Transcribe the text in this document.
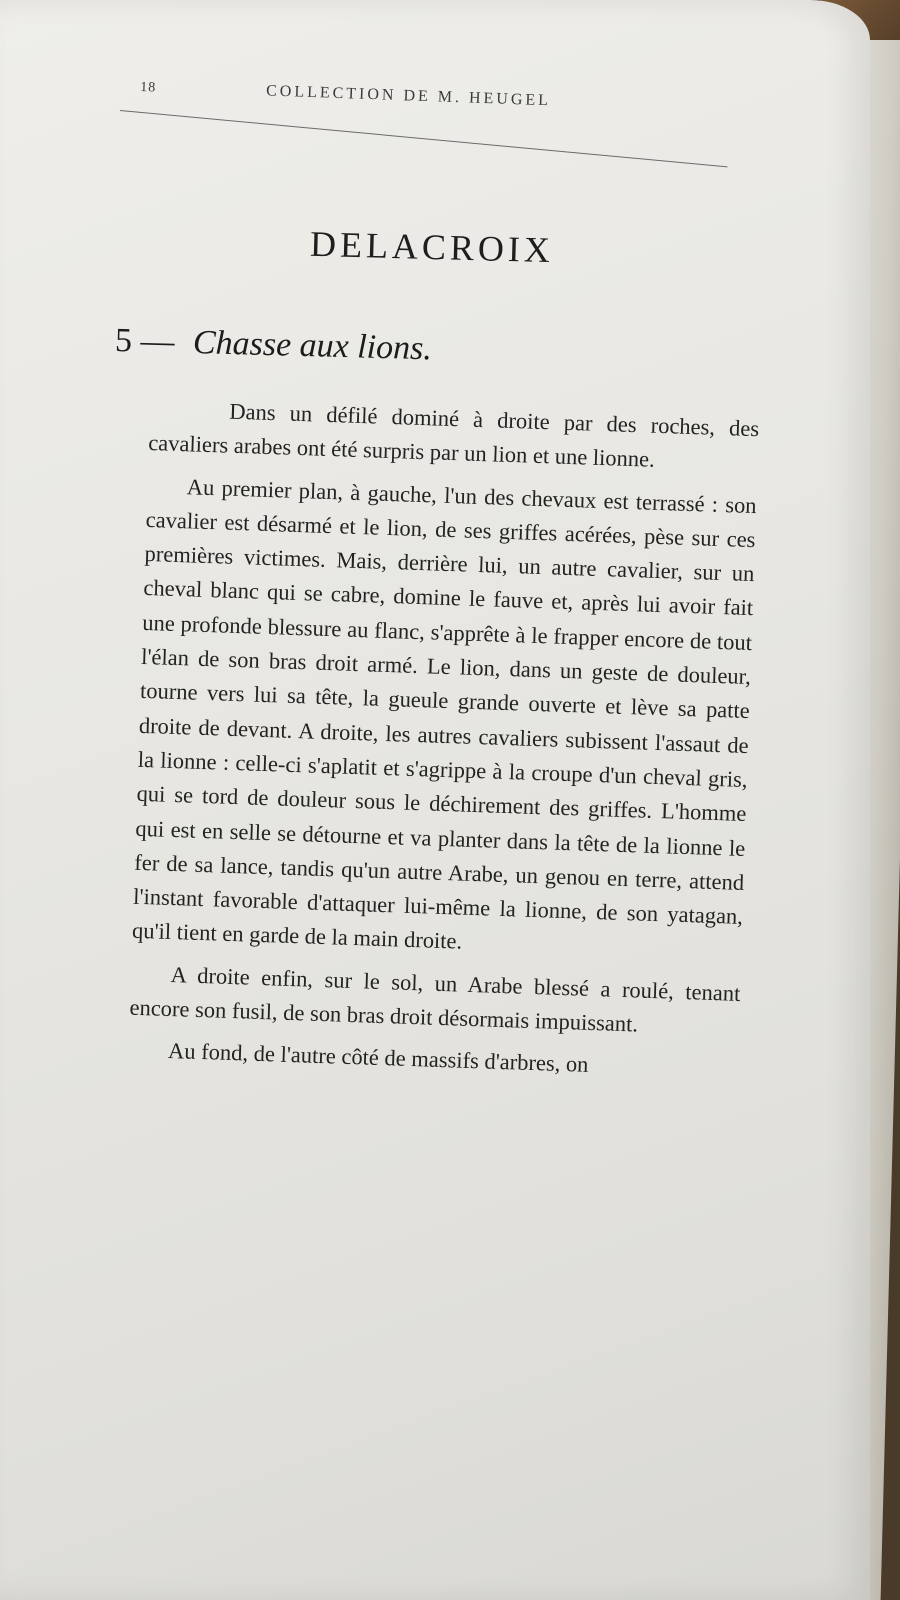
18	COLLECTION DE M. HEUGEL
DELACROIX
5 — Chasse aux lions.

Dans un défilé dominé à droite par des roches, des cavaliers arabes ont été surpris par un lion et une lionne.

Au premier plan, à gauche, l'un des chevaux est terrassé : son cavalier est désarmé et le lion, de ses griffes acérées, pèse sur ces premières victimes. Mais, derrière lui, un autre cavalier, sur un cheval blanc qui se cabre, domine le fauve et, après lui avoir fait une profonde blessure au flanc, s'apprête à le frapper encore de tout l'élan de son bras droit armé. Le lion, dans un geste de douleur, tourne vers lui sa tête, la gueule grande ouverte et lève sa patte droite de devant. A droite, les autres cavaliers subissent l'assaut de la lionne : celle-ci s'aplatit et s'agrippe à la croupe d'un cheval gris, qui se tord de douleur sous le déchirement des griffes. L'homme qui est en selle se détourne et va planter dans la tête de la lionne le fer de sa lance, tandis qu'un autre Arabe, un genou en terre, attend l'instant favorable d'attaquer lui-même la lionne, de son yatagan, qu'il tient en garde de la main droite.

A droite enfin, sur le sol, un Arabe blessé a roulé, tenant encore son fusil, de son bras droit désormais impuissant.

Au fond, de l'autre côté de massifs d'arbres, on
